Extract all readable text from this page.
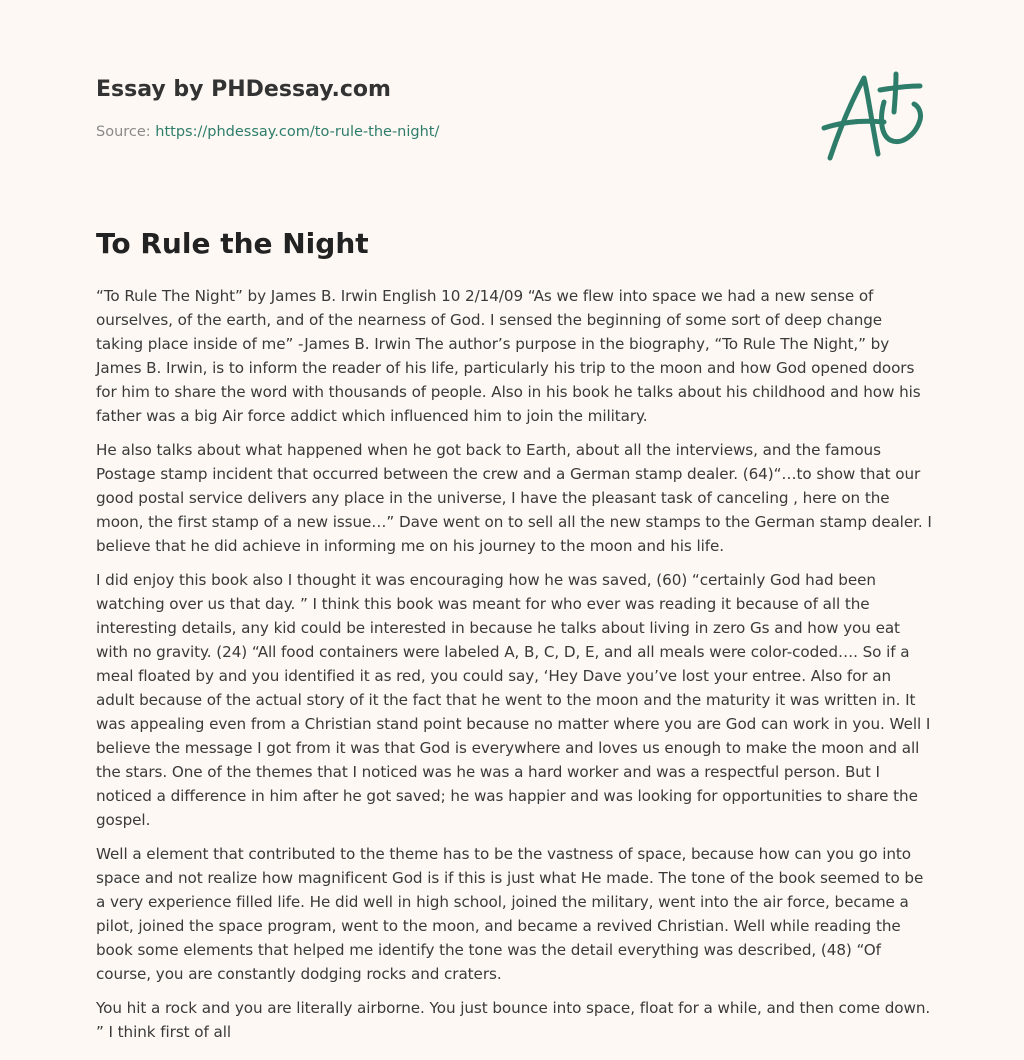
Essay by PHDessay.com
Source: https://phdessay.com/to-rule-the-night/
To Rule the Night

“To Rule The Night” by James B. Irwin English 10 2/14/09 “As we flew into space we had a new sense of ourselves, of the earth, and of the nearness of God. I sensed the beginning of some sort of deep change taking place inside of me” -James B. Irwin The author’s purpose in the biography, “To Rule The Night,” by James B. Irwin, is to inform the reader of his life, particularly his trip to the moon and how God opened doors for him to share the word with thousands of people. Also in his book he talks about his childhood and how his father was a big Air force addict which influenced him to join the military.

He also talks about what happened when he got back to Earth, about all the interviews, and the famous Postage stamp incident that occurred between the crew and a German stamp dealer. (64)“…to show that our good postal service delivers any place in the universe, I have the pleasant task of canceling , here on the moon, the first stamp of a new issue…” Dave went on to sell all the new stamps to the German stamp dealer. I believe that he did achieve in informing me on his journey to the moon and his life.

I did enjoy this book also I thought it was encouraging how he was saved, (60) “certainly God had been watching over us that day. ” I think this book was meant for who ever was reading it because of all the interesting details, any kid could be interested in because he talks about living in zero Gs and how you eat with no gravity. (24) “All food containers were labeled A, B, C, D, E, and all meals were color-coded…. So if a meal floated by and you identified it as red, you could say, ‘Hey Dave you’ve lost your entree. Also for an adult because of the actual story of it the fact that he went to the moon and the maturity it was written in. It was appealing even from a Christian stand point because no matter where you are God can work in you. Well I believe the message I got from it was that God is everywhere and loves us enough to make the moon and all the stars. One of the themes that I noticed was he was a hard worker and was a respectful person. But I noticed a difference in him after he got saved; he was happier and was looking for opportunities to share the gospel.

Well a element that contributed to the theme has to be the vastness of space, because how can you go into space and not realize how magnificent God is if this is just what He made. The tone of the book seemed to be a very experience filled life. He did well in high school, joined the military, went into the air force, became a pilot, joined the space program, went to the moon, and became a revived Christian. Well while reading the book some elements that helped me identify the tone was the detail everything was described, (48) “Of course, you are constantly dodging rocks and craters.

You hit a rock and you are literally airborne. You just bounce into space, float for a while, and then come down. ” I think first of all
